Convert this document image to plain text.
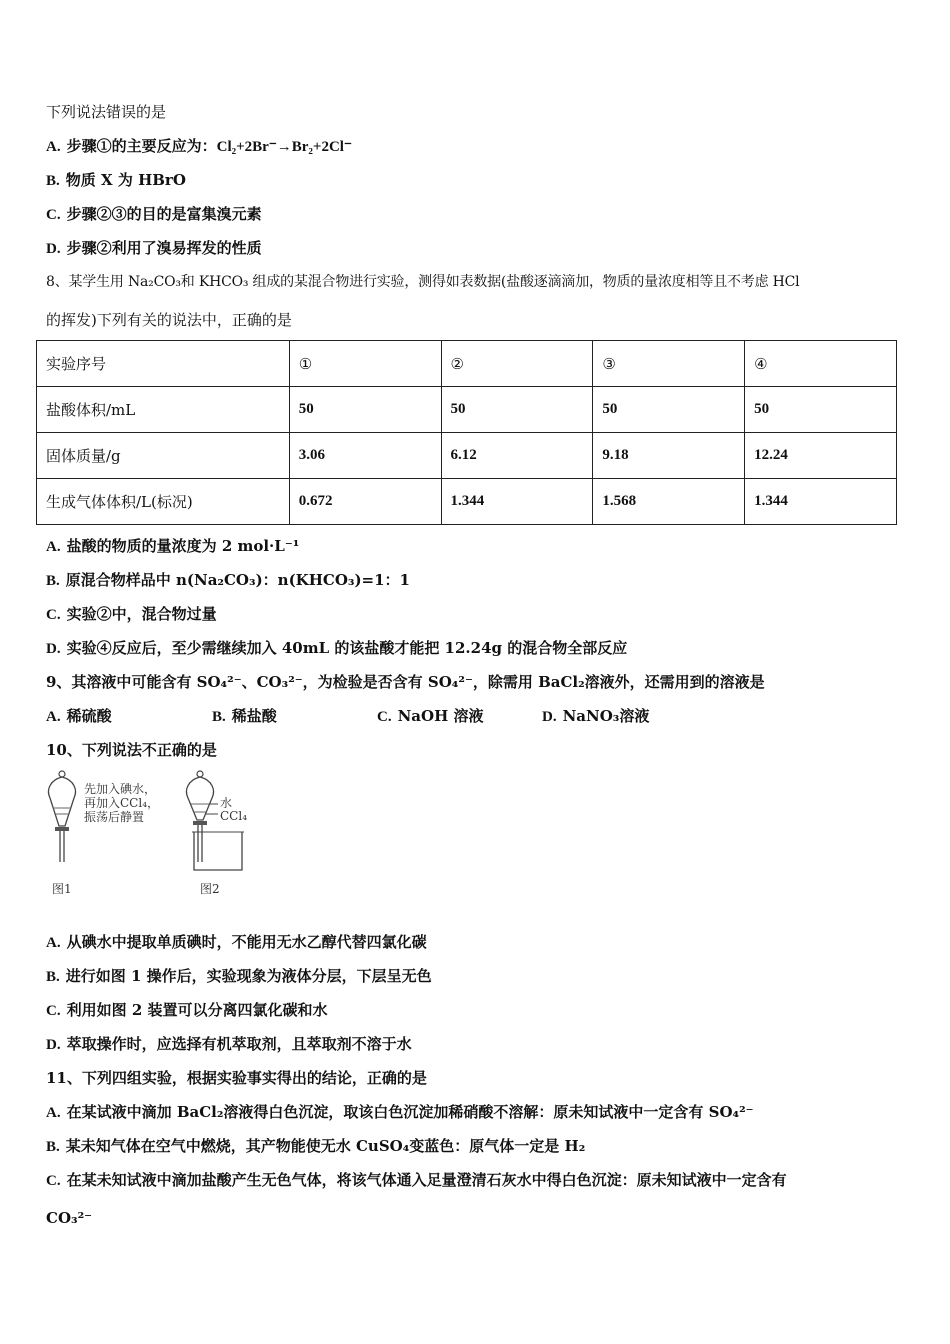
下列说法错误的是
A. 步骤①的主要反应为：Cl₂+2Br⁻→Br₂+2Cl⁻
B. 物质 X 为 HBrO
C. 步骤②③的目的是富集溴元素
D. 步骤②利用了溴易挥发的性质
8、某学生用 Na₂CO₃和 KHCO₃ 组成的某混合物进行实验，测得如表数据(盐酸逐滴滴加，物质的量浓度相等且不考虑 HCl
的挥发)下列有关的说法中，正确的是
实验序号	①	②	③	④
盐酸体积/mL	50	50	50	50
固体质量/g	3.06	6.12	9.18	12.24
生成气体体积/L(标况)	0.672	1.344	1.568	1.344
A. 盐酸的物质的量浓度为 2 mol·L⁻¹
B. 原混合物样品中 n(Na₂CO₃)：n(KHCO₃)=1：1
C. 实验②中，混合物过量
D. 实验④反应后，至少需继续加入 40mL 的该盐酸才能把 12.24g 的混合物全部反应
9、其溶液中可能含有 SO₄²⁻、CO₃²⁻，为检验是否含有 SO₄²⁻，除需用 BaCl₂溶液外，还需用到的溶液是
A. 稀硫酸	B. 稀盐酸	C. NaOH 溶液	D. NaNO₃溶液
10、下列说法不正确的是
先加入碘水，
再加入CCl₄，
振荡后静置
图1
水
CCl₄
图2
A. 从碘水中提取单质碘时，不能用无水乙醇代替四氯化碳
B. 进行如图 1 操作后，实验现象为液体分层，下层呈无色
C. 利用如图 2 装置可以分离四氯化碳和水
D. 萃取操作时，应选择有机萃取剂，且萃取剂不溶于水
11、下列四组实验，根据实验事实得出的结论，正确的是
A. 在某试液中滴加 BaCl₂溶液得白色沉淀，取该白色沉淀加稀硝酸不溶解：原未知试液中一定含有 SO₄²⁻
B. 某未知气体在空气中燃烧，其产物能使无水 CuSO₄变蓝色：原气体一定是 H₂
C. 在某未知试液中滴加盐酸产生无色气体，将该气体通入足量澄清石灰水中得白色沉淀：原未知试液中一定含有
CO₃²⁻
